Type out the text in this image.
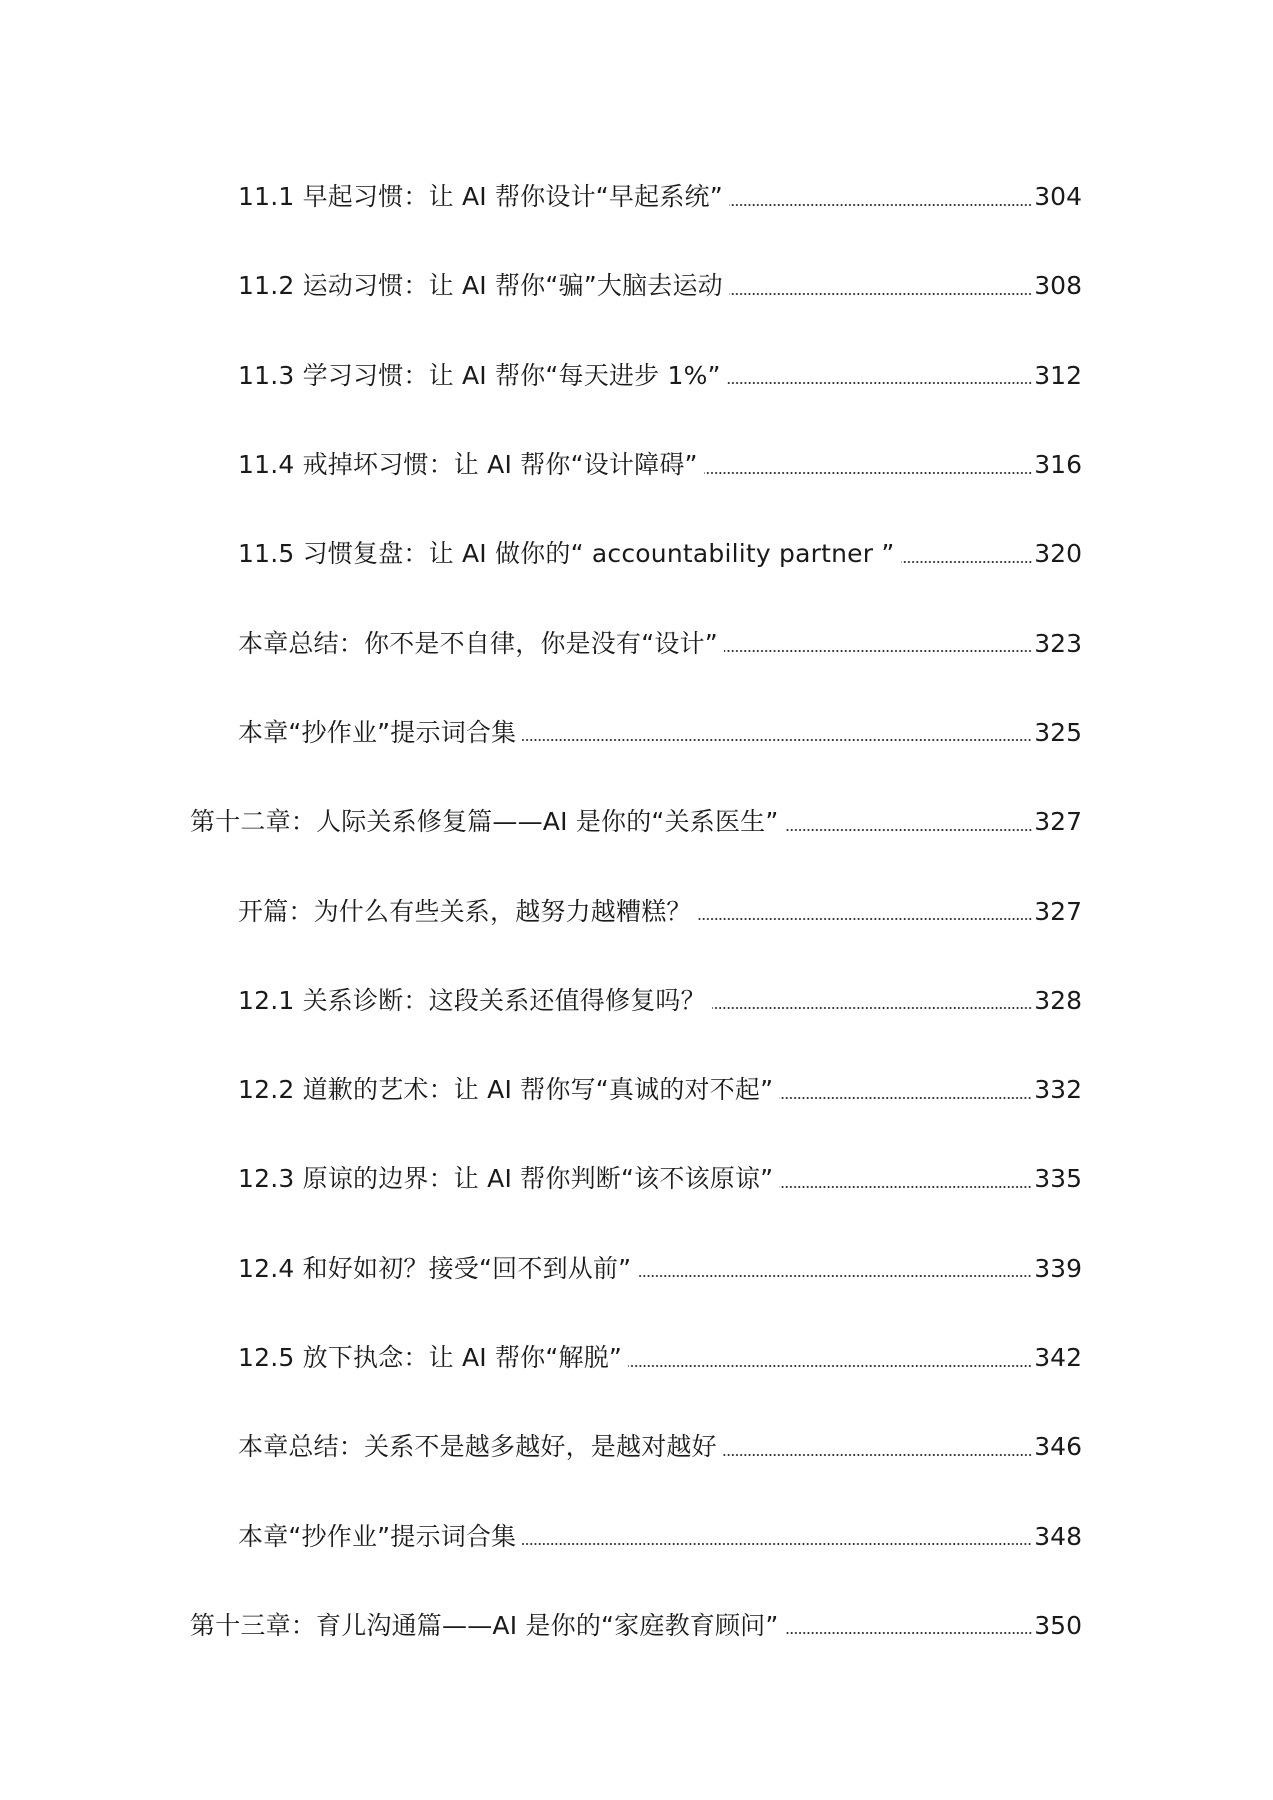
11.1 早起习惯：让 AI 帮你设计“早起系统”	304
11.2 运动习惯：让 AI 帮你“骗”大脑去运动	308
11.3 学习习惯：让 AI 帮你“每天进步 1%”	312
11.4 戒掉坏习惯：让 AI 帮你“设计障碍”	316
11.5 习惯复盘：让 AI 做你的“ accountability partner ”	320
本章总结：你不是不自律，你是没有“设计”	323
本章“抄作业”提示词合集	325
第十二章：人际关系修复篇——AI 是你的“关系医生”	327
开篇：为什么有些关系，越努力越糟糕？	327
12.1 关系诊断：这段关系还值得修复吗？	328
12.2 道歉的艺术：让 AI 帮你写“真诚的对不起”	332
12.3 原谅的边界：让 AI 帮你判断“该不该原谅”	335
12.4 和好如初？接受“回不到从前”	339
12.5 放下执念：让 AI 帮你“解脱”	342
本章总结：关系不是越多越好，是越对越好	346
本章“抄作业”提示词合集	348
第十三章：育儿沟通篇——AI 是你的“家庭教育顾问”	350
